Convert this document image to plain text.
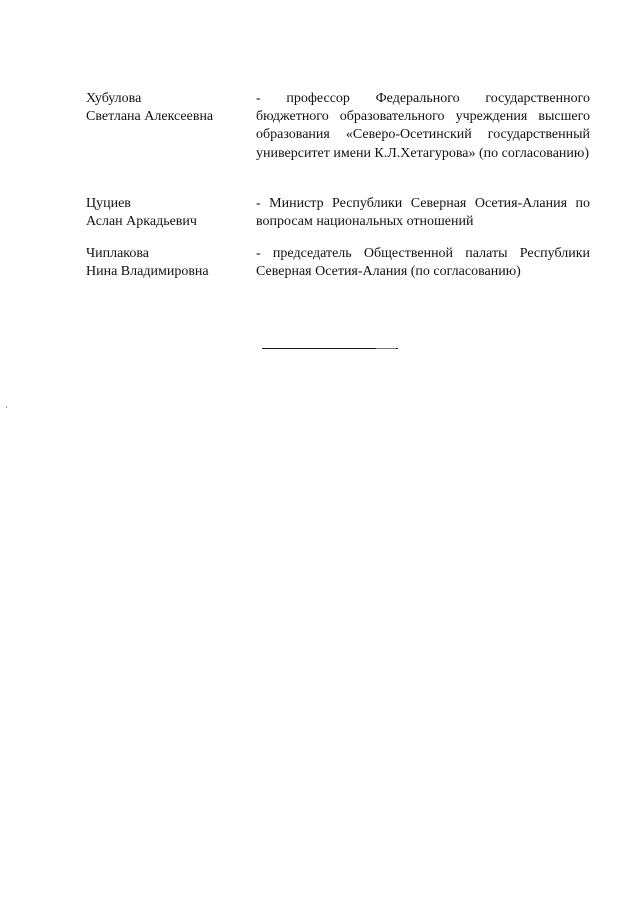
Хубулова
Светлана Алексеевна
- профессор Федерального государственного бюджетного образовательного учреждения высшего образования «Северо-Осетинский государственный университет имени К.Л.Хетагурова» (по согласованию)
Цуциев
Аслан Аркадьевич
- Министр Республики Северная Осетия-Алания по вопросам национальных отношений
Чиплакова
Нина Владимировна
- председатель Общественной палаты Республики Северная Осетия-Алания (по согласованию)
